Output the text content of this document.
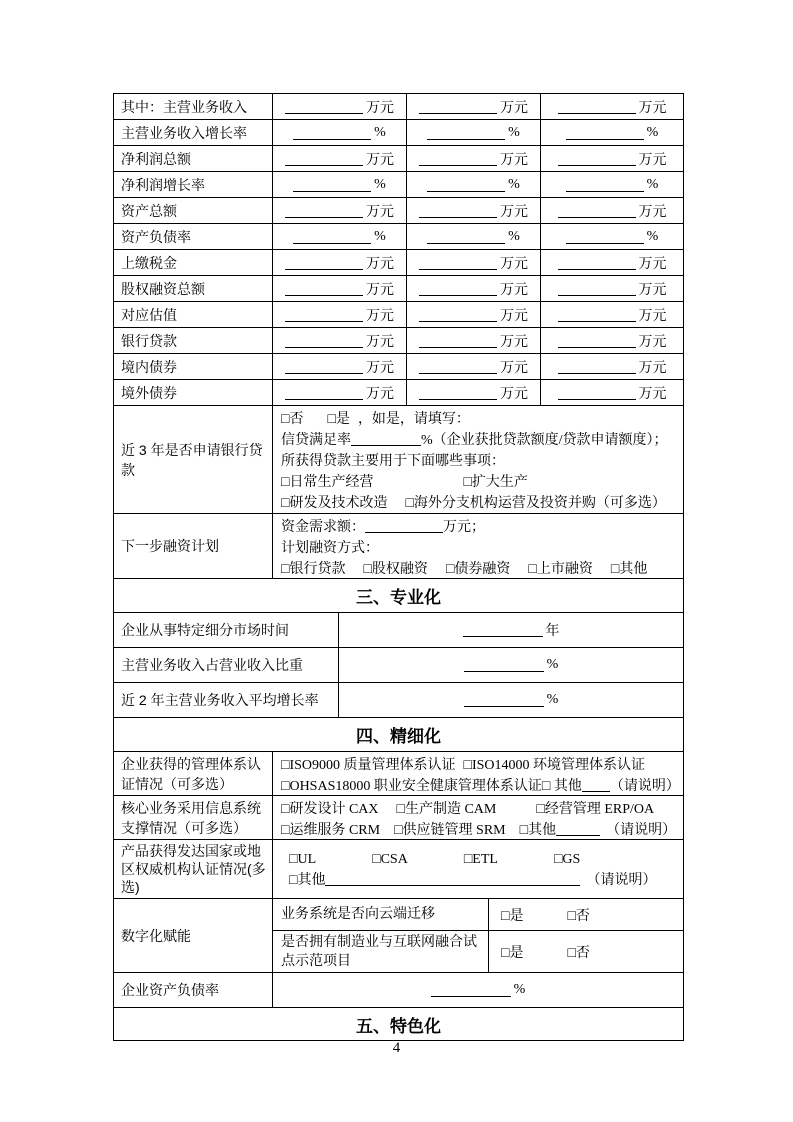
其中：主营业务收入	万元	万元	万元
主营业务收入增长率	%	%	%
净利润总额	万元	万元	万元
净利润增长率	%	%	%
资产总额	万元	万元	万元
资产负债率	%	%	%
上缴税金	万元	万元	万元
股权融资总额	万元	万元	万元
对应估值	万元	万元	万元
银行贷款	万元	万元	万元
境内债券	万元	万元	万元
境外债券	万元	万元	万元
近 3 年是否申请银行贷款
□否 □是 ，如是，请填写：
信贷满足率	%（企业获批贷款额度/贷款申请额度）；
所获得贷款主要用于下面哪些事项：
□日常生产经营	□扩大生产
□研发及技术改造 □海外分支机构运营及投资并购（可多选）
下一步融资计划
资金需求额：	万元；
计划融资方式：
□银行贷款 □股权融资 □债券融资 □上市融资 □其他
三、专业化
企业从事特定细分市场时间	年
主营业务收入占营业收入比重	%
近 2 年主营业务收入平均增长率	%
四、精细化
企业获得的管理体系认证情况（可多选）
□ISO9000 质量管理体系认证 □ISO14000 环境管理体系认证
□OHSAS18000 职业安全健康管理体系认证□ 其他 （请说明）
核心业务采用信息系统支撑情况（可多选）
□研发设计 CAX □生产制造 CAM	□经营管理 ERP/OA
□运维服务 CRM □供应链管理 SRM □其他	（请说明）
产品获得发达国家或地区权威机构认证情况(多选)
□UL	□CSA	□ETL	□GS
□其他	（请说明）
数字化赋能
业务系统是否向云端迁移	□是	□否
是否拥有制造业与互联网融合试点示范项目
□是	□否
企业资产负债率	%
五、特色化
4
